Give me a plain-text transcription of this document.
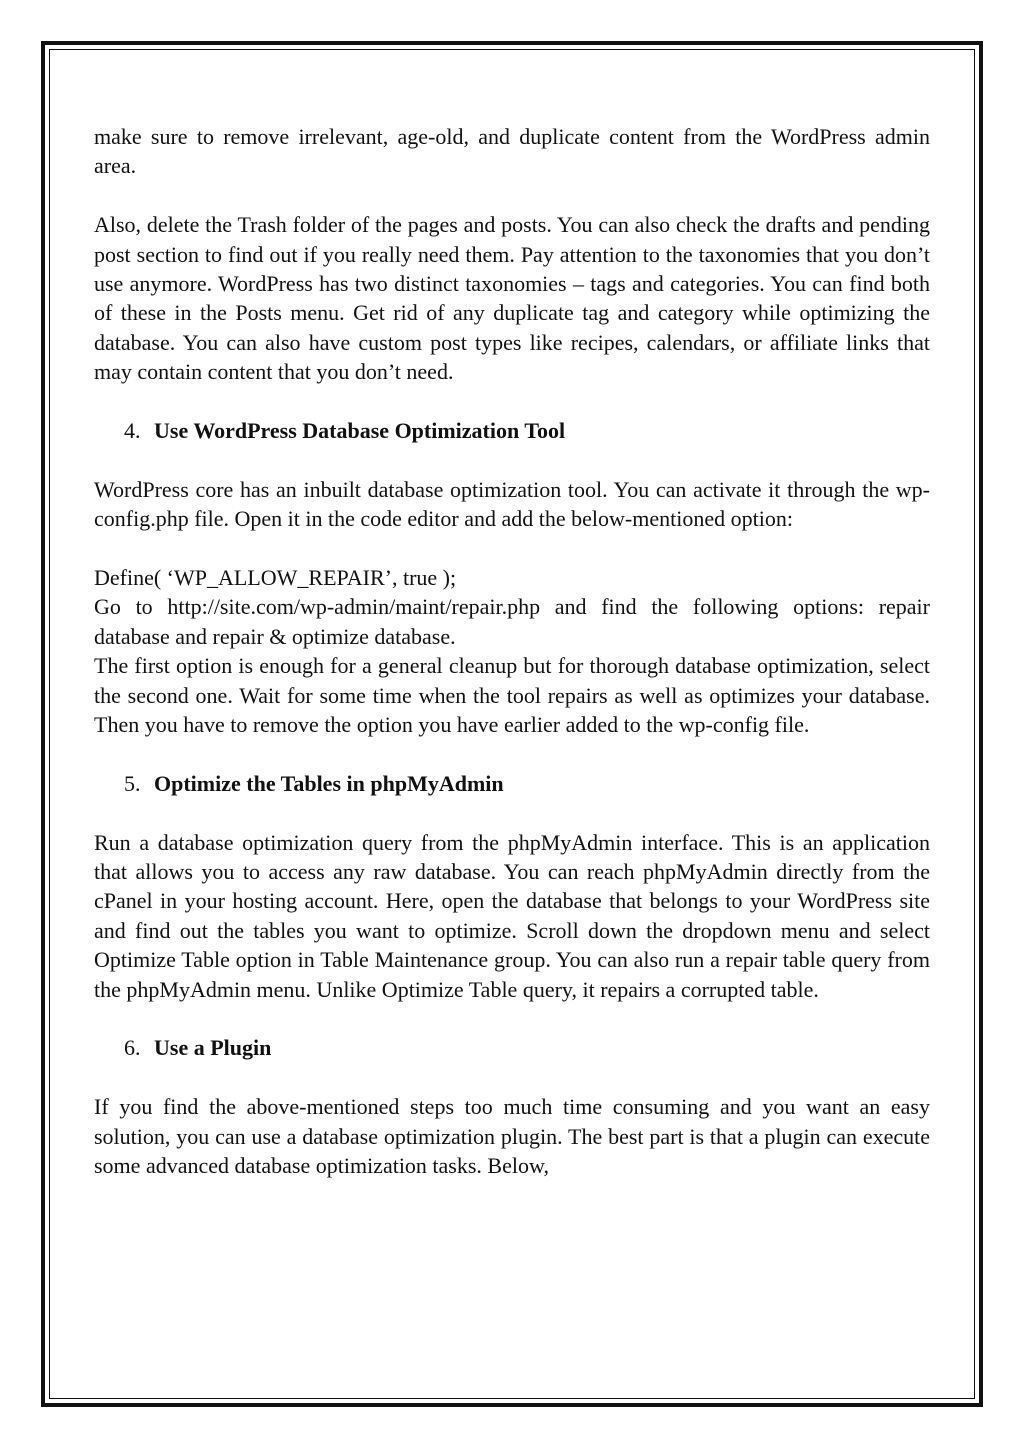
make sure to remove irrelevant, age-old, and duplicate content from the WordPress admin area.

Also, delete the Trash folder of the pages and posts. You can also check the drafts and pending post section to find out if you really need them. Pay attention to the taxonomies that you don’t use anymore. WordPress has two distinct taxonomies – tags and categories. You can find both of these in the Posts menu. Get rid of any duplicate tag and category while optimizing the database. You can also have custom post types like recipes, calendars, or affiliate links that may contain content that you don’t need.

4. Use WordPress Database Optimization Tool

WordPress core has an inbuilt database optimization tool. You can activate it through the wp-config.php file. Open it in the code editor and add the below-mentioned option:

Define( ‘WP_ALLOW_REPAIR’, true );

Go to http://site.com/wp-admin/maint/repair.php and find the following options: repair database and repair & optimize database.

The first option is enough for a general cleanup but for thorough database optimization, select the second one. Wait for some time when the tool repairs as well as optimizes your database. Then you have to remove the option you have earlier added to the wp-config file.

5. Optimize the Tables in phpMyAdmin

Run a database optimization query from the phpMyAdmin interface. This is an application that allows you to access any raw database. You can reach phpMyAdmin directly from the cPanel in your hosting account. Here, open the database that belongs to your WordPress site and find out the tables you want to optimize. Scroll down the dropdown menu and select Optimize Table option in Table Maintenance group. You can also run a repair table query from the phpMyAdmin menu. Unlike Optimize Table query, it repairs a corrupted table.

6. Use a Plugin

If you find the above-mentioned steps too much time consuming and you want an easy solution, you can use a database optimization plugin. The best part is that a plugin can execute some advanced database optimization tasks. Below,
